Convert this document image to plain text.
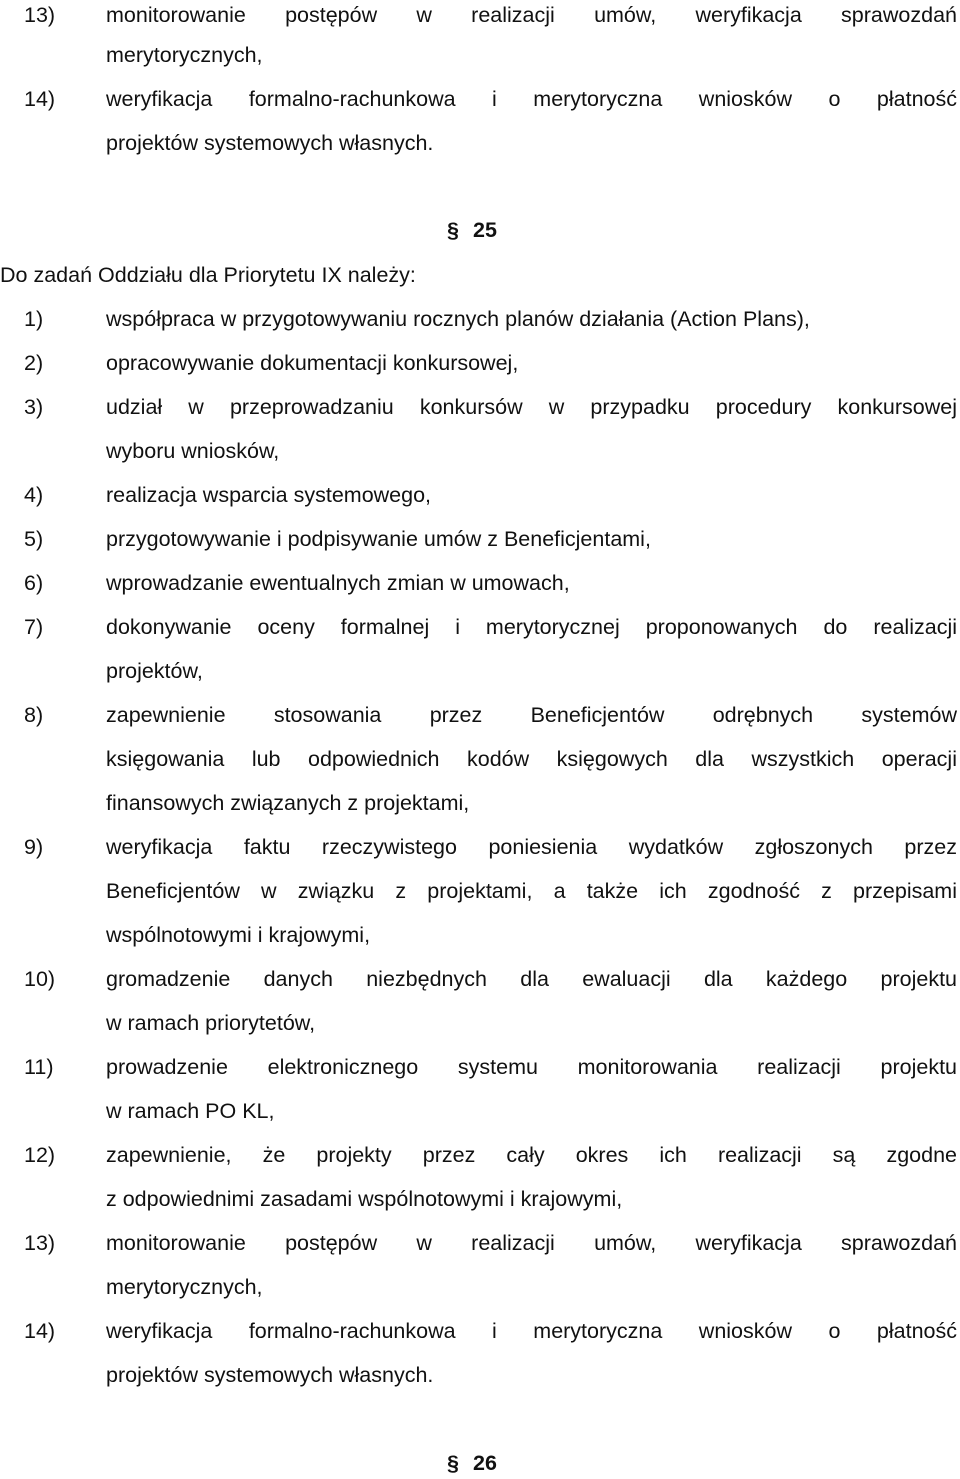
13) monitorowanie postępów w realizacji umów, weryfikacja sprawozdań
merytorycznych,
14) weryfikacja formalno-rachunkowa i merytoryczna wniosków o płatność
projektów systemowych własnych.
§ 25
Do zadań Oddziału dla Priorytetu IX należy:
1)	współpraca w przygotowywaniu rocznych planów działania (Action Plans),
2)	opracowywanie dokumentacji konkursowej,
3)	udział w przeprowadzaniu konkursów w przypadku procedury konkursowej
wyboru wniosków,
4)	realizacja wsparcia systemowego,
5)	przygotowywanie i podpisywanie umów z Beneficjentami,
6)	wprowadzanie ewentualnych zmian w umowach,
7)	dokonywanie oceny formalnej i merytorycznej proponowanych do realizacji
projektów,
8)	zapewnienie stosowania przez Beneficjentów odrębnych systemów
księgowania lub odpowiednich kodów księgowych dla wszystkich operacji
finansowych związanych z projektami,
9)	weryfikacja faktu rzeczywistego poniesienia wydatków zgłoszonych przez
Beneficjentów w związku z projektami, a także ich zgodność z przepisami
wspólnotowymi i krajowymi,
10) gromadzenie danych niezbędnych dla ewaluacji dla każdego projektu
w ramach priorytetów,
11) prowadzenie elektronicznego systemu monitorowania realizacji projektu
w ramach PO KL,
12) zapewnienie, że projekty przez cały okres ich realizacji są zgodne
z odpowiednimi zasadami wspólnotowymi i krajowymi,
13) monitorowanie postępów w realizacji umów, weryfikacja sprawozdań
merytorycznych,
14) weryfikacja formalno-rachunkowa i merytoryczna wniosków o płatność
projektów systemowych własnych.
§ 26
